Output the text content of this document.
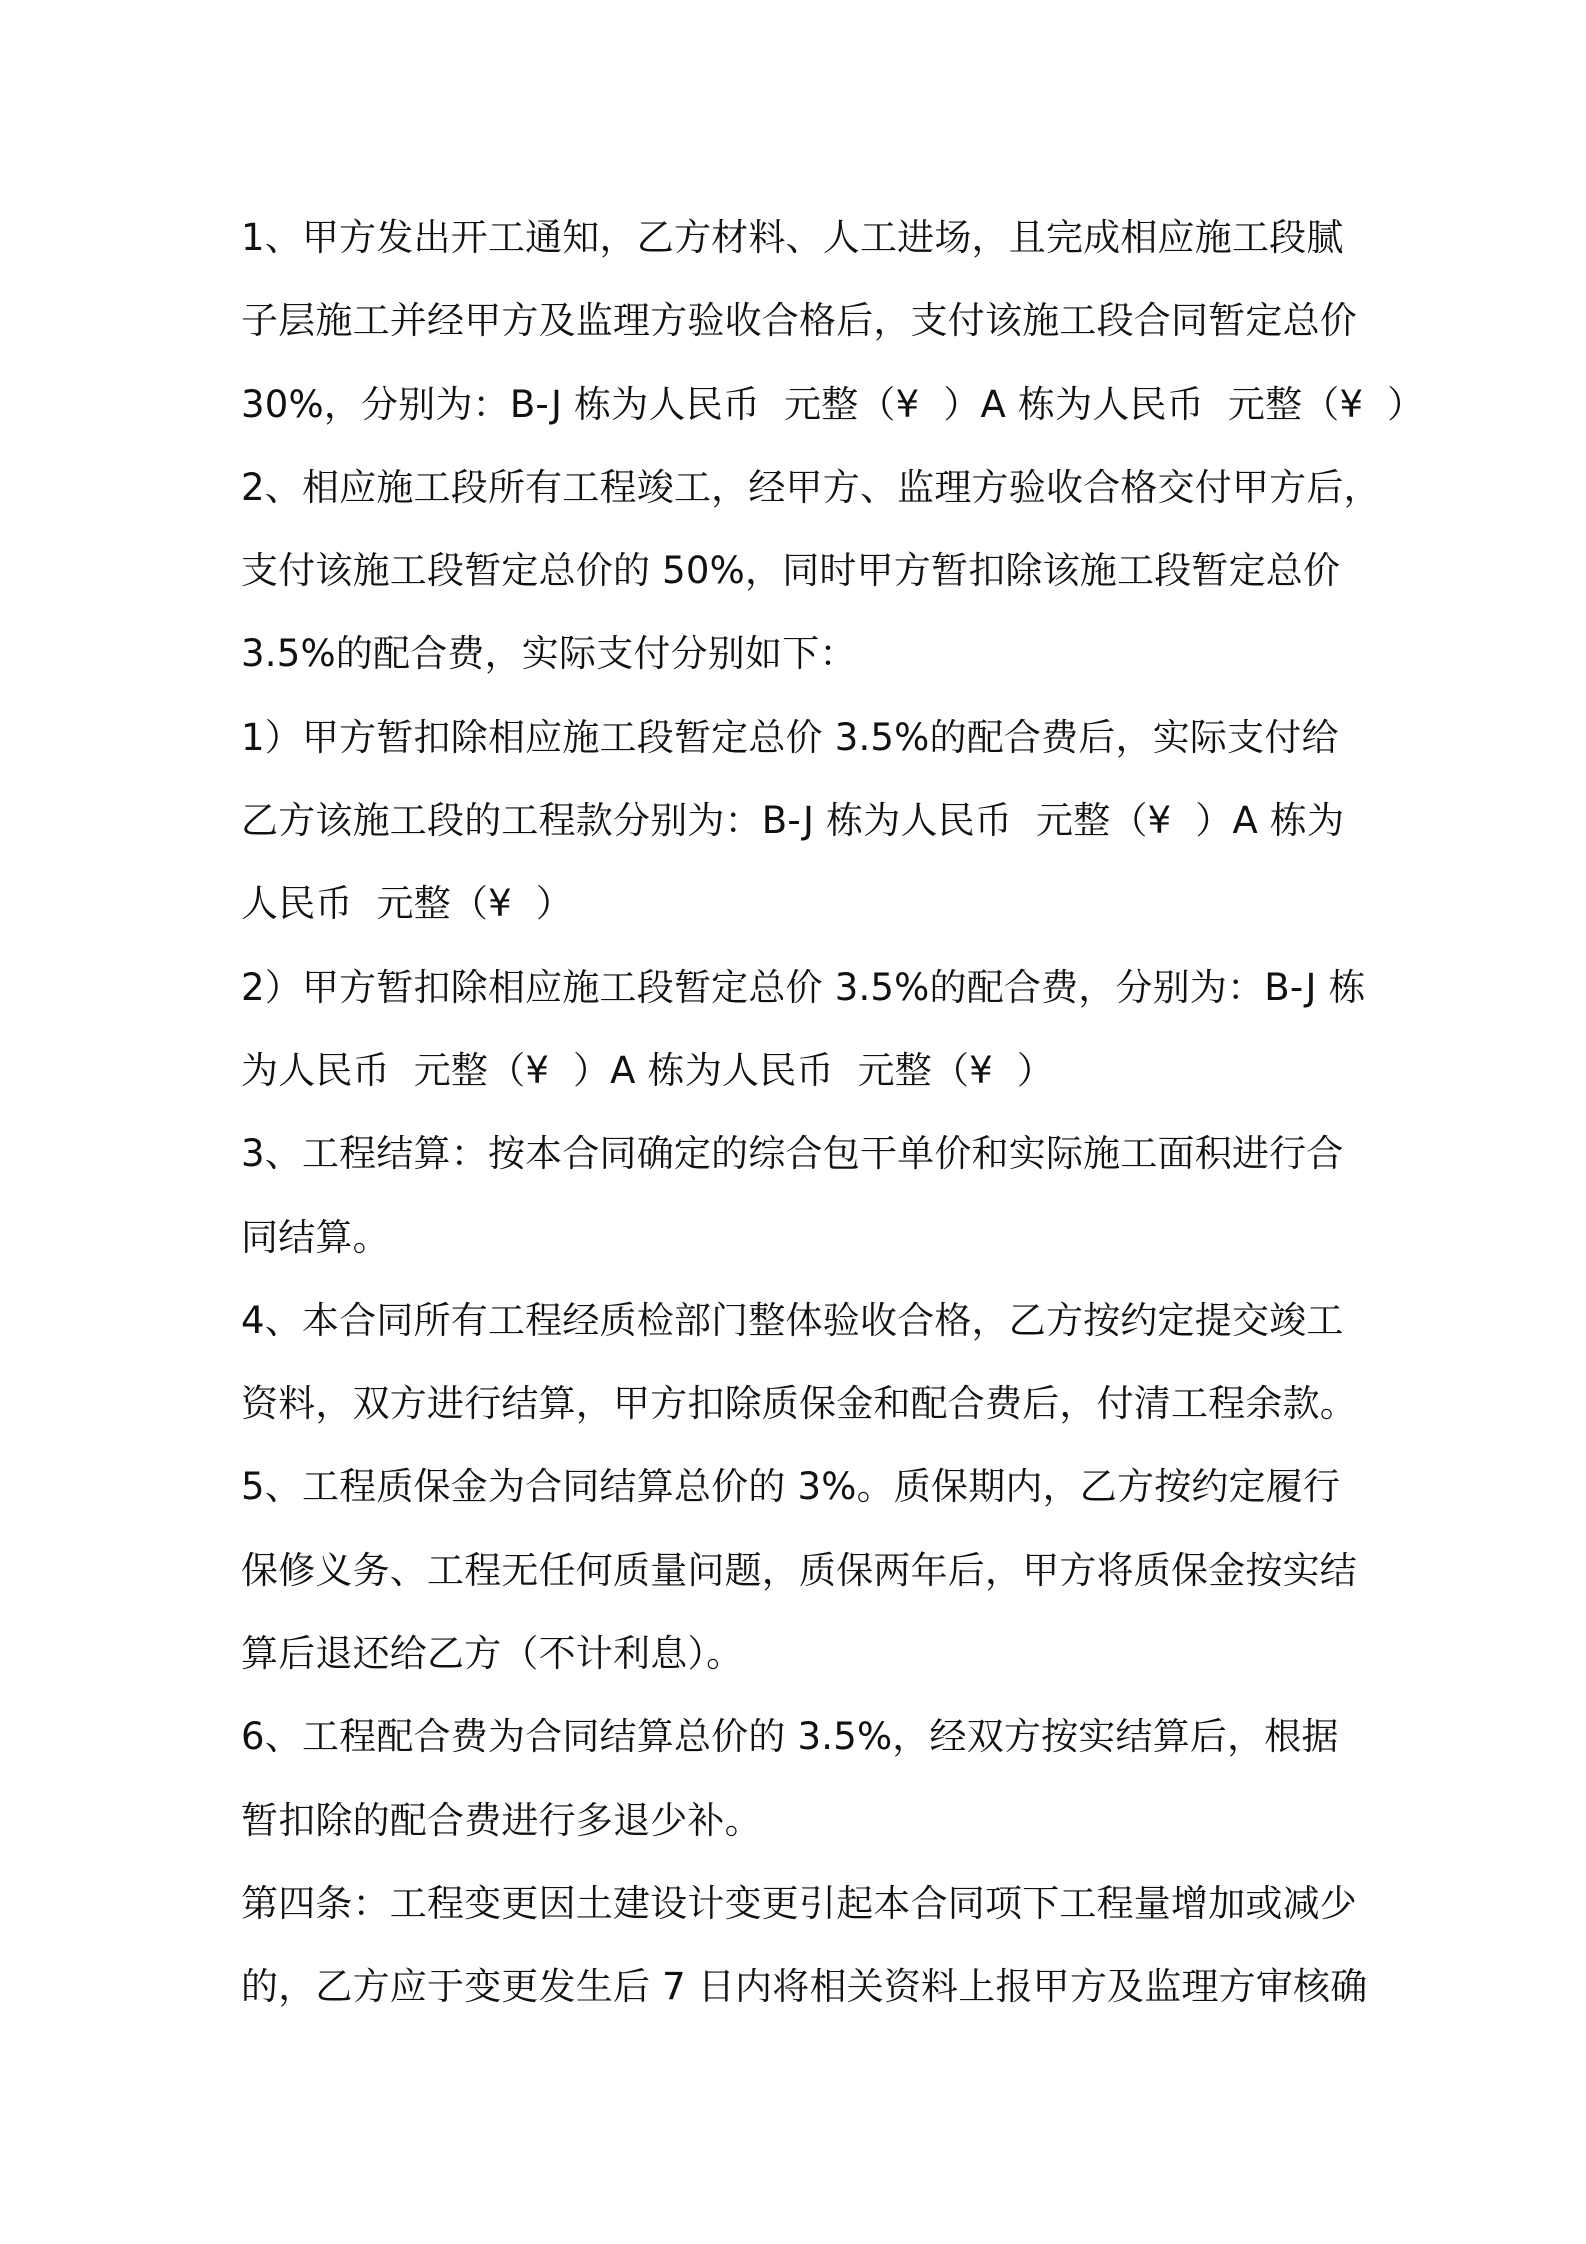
1、甲方发出开工通知，乙方材料、人工进场，且完成相应施工段腻
子层施工并经甲方及监理方验收合格后，支付该施工段合同暂定总价
30%，分别为：B-J 栋为人民币  元整（¥  ）A 栋为人民币  元整（¥  ）
2、相应施工段所有工程竣工，经甲方、监理方验收合格交付甲方后，
支付该施工段暂定总价的 50%，同时甲方暂扣除该施工段暂定总价
3.5%的配合费，实际支付分别如下：
1）甲方暂扣除相应施工段暂定总价 3.5%的配合费后，实际支付给
乙方该施工段的工程款分别为：B-J 栋为人民币  元整（¥  ）A 栋为
人民币  元整（¥  ）
2）甲方暂扣除相应施工段暂定总价 3.5%的配合费，分别为：B-J 栋
为人民币  元整（¥  ）A 栋为人民币  元整（¥  ）
3、工程结算：按本合同确定的综合包干单价和实际施工面积进行合
同结算。
4、本合同所有工程经质检部门整体验收合格，乙方按约定提交竣工
资料，双方进行结算，甲方扣除质保金和配合费后，付清工程余款。
5、工程质保金为合同结算总价的 3%。质保期内，乙方按约定履行
保修义务、工程无任何质量问题，质保两年后，甲方将质保金按实结
算后退还给乙方（不计利息）。
6、工程配合费为合同结算总价的 3.5%，经双方按实结算后，根据
暂扣除的配合费进行多退少补。
第四条：工程变更因土建设计变更引起本合同项下工程量增加或减少
的，乙方应于变更发生后 7 日内将相关资料上报甲方及监理方审核确
